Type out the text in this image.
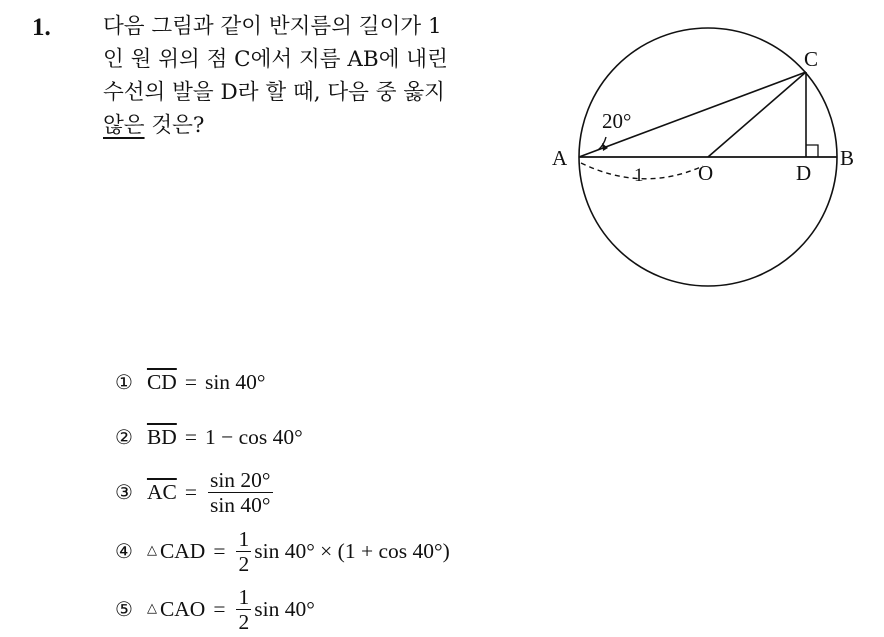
1. 다음 그림과 같이 반지름의 길이가 1
인 원 위의 점 C에서 지름 AB에 내린
수선의 발을 D라 할 때, 다음 중 옳지
않은 것은?
A	B
C
D
O
20°
1
① $\overline{CD} = \sin 40^\circ$
② $\overline{BD} = 1 - \cos 40^\circ$
③ $\overline{AC} = \frac{\sin 20^\circ}{\sin 40^\circ}$
④ △ CAD = $\frac{1}{2}$ sin 40° × (1 + cos 40°)
⑤ △ CAO = $\frac{1}{2}$ sin 40°
